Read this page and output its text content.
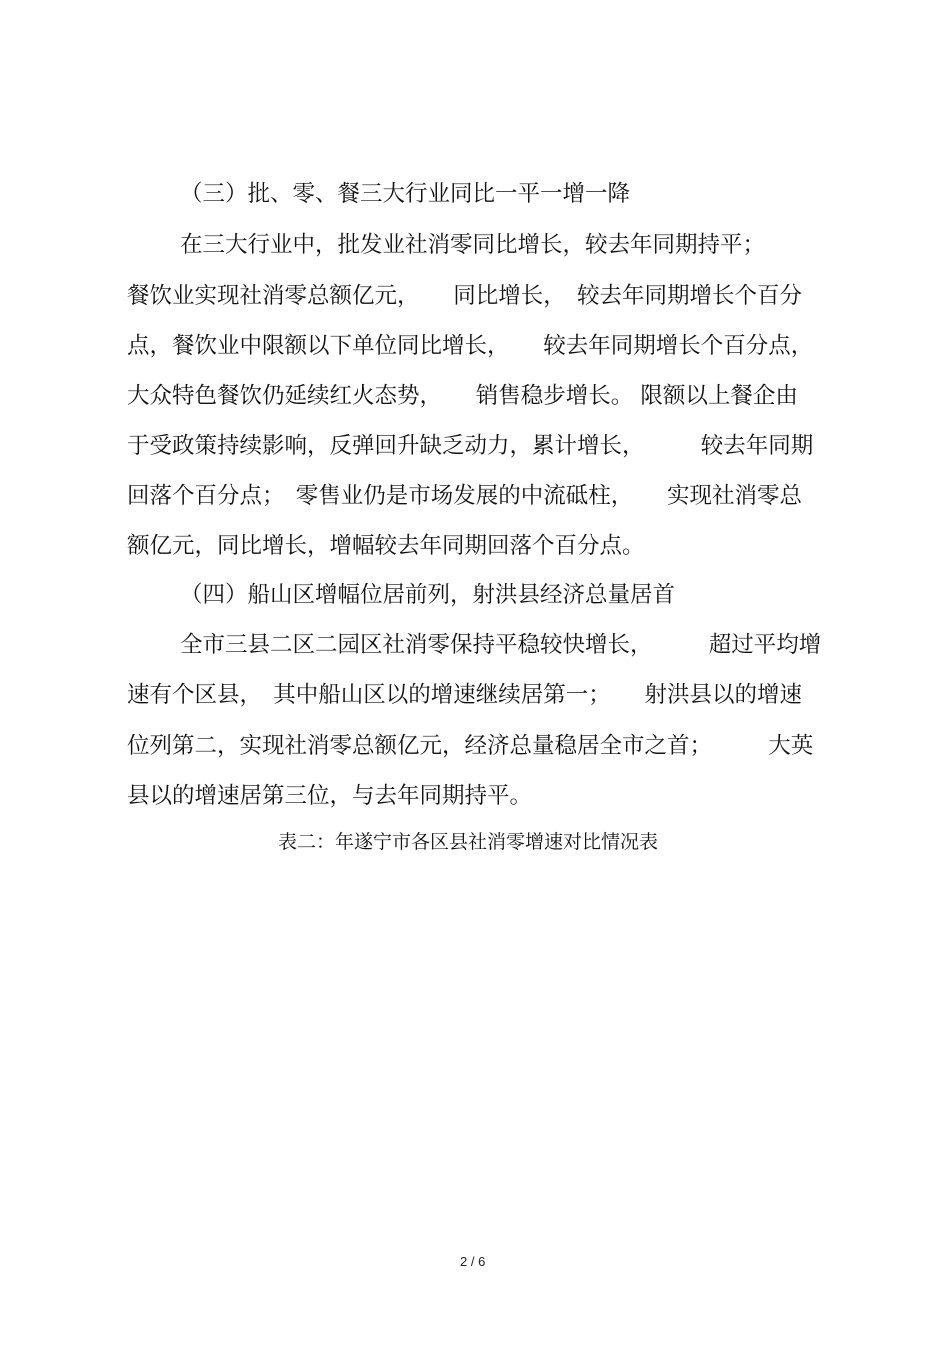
（三）批、零、餐三大行业同比一平一增一降
在三大行业中，批发业社消零同比增长，较去年同期持平；
餐饮业实现社消零总额亿元，　　同比增长，　较去年同期增长个百分
点，餐饮业中限额以下单位同比增长，　　较去年同期增长个百分点，
大众特色餐饮仍延续红火态势，　　销售稳步增长。 限额以上餐企由
于受政策持续影响，反弹回升缺乏动力，累计增长，　　　较去年同期
回落个百分点；　零售业仍是市场发展的中流砥柱，　　实现社消零总
额亿元，同比增长，增幅较去年同期回落个百分点。
（四）船山区增幅位居前列，射洪县经济总量居首
全市三县二区二园区社消零保持平稳较快增长，　　　超过平均增
速有个区县，　其中船山区以的增速继续居第一；　　射洪县以的增速
位列第二，实现社消零总额亿元，经济总量稳居全市之首；　　　大英
县以的增速居第三位，与去年同期持平。
表二：年遂宁市各区县社消零增速对比情况表
2 / 6
